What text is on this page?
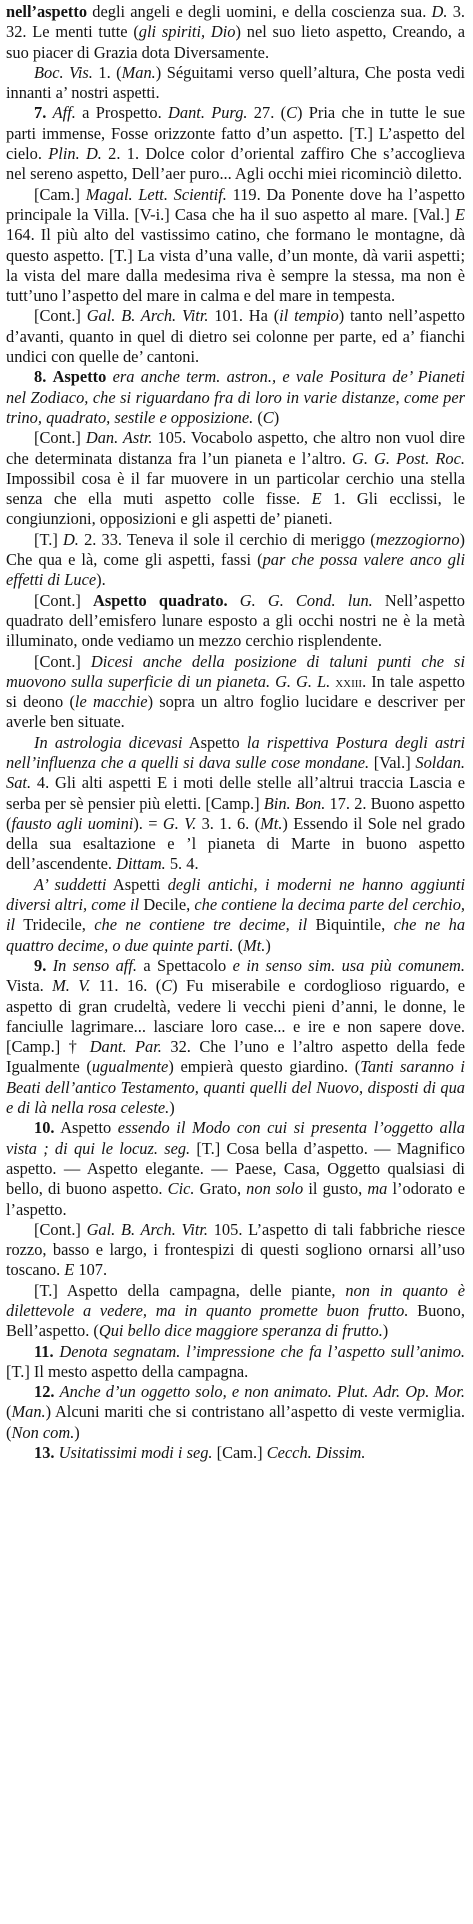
nell’aspetto degli angeli e degli uomini, e della coscienza sua. D. 3. 32. Le menti tutte (gli spiriti, Dio) nel suo lieto aspetto, Creando, a suo piacer di Grazia dota Diversamente.

Boc. Vis. 1. (Man.) Séguitami verso quell’altura, Che posta vedi innanti a’ nostri aspetti.

7. Aff. a Prospetto. Dant. Purg. 27. (C) Pria che in tutte le sue parti immense, Fosse orizzonte fatto d’un aspetto. [T.] L’aspetto del cielo. Plin. D. 2. 1. Dolce color d’oriental zaffiro Che s’accoglieva nel sereno aspetto, Dell’aer puro... Agli occhi miei ricominciò diletto.

[Cam.] Magal. Lett. Scientif. 119. Da Ponente dove ha l’aspetto principale la Villa. [V-i.] Casa che ha il suo aspetto al mare. [Val.] E 164. Il più alto del vastissimo catino, che formano le montagne, dà questo aspetto. [T.] La vista d’una valle, d’un monte, dà varii aspetti; la vista del mare dalla medesima riva è sempre la stessa, ma non è tutt’uno l’aspetto del mare in calma e del mare in tempesta.

[Cont.] Gal. B. Arch. Vitr. 101. Ha (il tempio) tanto nell’aspetto d’avanti, quanto in quel di dietro sei colonne per parte, ed a’ fianchi undici con quelle de’ cantoni.

8. Aspetto era anche term. astron., e vale Positura de’ Pianeti nel Zodiaco, che si riguardano fra di loro in varie distanze, come per trino, quadrato, sestile e opposizione. (C)

[Cont.] Dan. Astr. 105. Vocabolo aspetto, che altro non vuol dire che determinata distanza fra l’un pianeta e l’altro. G. G. Post. Roc. Impossibil cosa è il far muovere in un particolar cerchio una stella senza che ella muti aspetto colle fisse. E 1. Gli ecclissi, le congiunzioni, opposizioni e gli aspetti de’ pianeti.

[T.] D. 2. 33. Teneva il sole il cerchio di meriggo (mezzogiorno) Che qua e là, come gli aspetti, fassi (par che possa valere anco gli effetti di Luce).

[Cont.] Aspetto quadrato. G. G. Cond. lun. Nell’aspetto quadrato dell’emisfero lunare esposto a gli occhi nostri ne è la metà illuminato, onde vediamo un mezzo cerchio risplendente.

[Cont.] Dicesi anche della posizione di taluni punti che si muovono sulla superficie di un pianeta. G. G. L. xxiii. In tale aspetto si deono (le macchie) sopra un altro foglio lucidare e descriver per averle ben situate.

In astrologia dicevasi Aspetto la rispettiva Postura degli astri nell’influenza che a quelli si dava sulle cose mondane. [Val.] Soldan. Sat. 4. Gli alti aspetti E i moti delle stelle all’altrui traccia Lascia e serba per sè pensier più eletti. [Camp.] Bin. Bon. 17. 2. Buono aspetto (fausto agli uomini). = G. V. 3. 1. 6. (Mt.) Essendo il Sole nel grado della sua esaltazione e ’l pianeta di Marte in buono aspetto dell’ascendente. Dittam. 5. 4.

A’ suddetti Aspetti degli antichi, i moderni ne hanno aggiunti diversi altri, come il Decile, che contiene la decima parte del cerchio, il Tridecile, che ne contiene tre decime, il Biquintile, che ne ha quattro decime, o due quinte parti. (Mt.)

9. In senso aff. a Spettacolo e in senso sim. usa più comunem. Vista. M. V. 11. 16. (C) Fu miserabile e cordoglioso riguardo, e aspetto di gran crudeltà, vedere li vecchi pieni d’anni, le donne, le fanciulle lagrimare... lasciare loro case... e ire e non sapere dove. [Camp.] † Dant. Par. 32. Che l’uno e l’altro aspetto della fede Igualmente (ugualmente) empierà questo giardino. (Tanti saranno i Beati dell’antico Testamento, quanti quelli del Nuovo, disposti di qua e di là nella rosa celeste.)

10. Aspetto essendo il Modo con cui si presenta l’oggetto alla vista ; di qui le locuz. seg. [T.] Cosa bella d’aspetto. — Magnifico aspetto. — Aspetto elegante. — Paese, Casa, Oggetto qualsiasi di bello, di buono aspetto. Cic. Grato, non solo il gusto, ma l’odorato e l’aspetto.

[Cont.] Gal. B. Arch. Vitr. 105. L’aspetto di tali fabbriche riesce rozzo, basso e largo, i frontespizi di questi sogliono ornarsi all’uso toscano. E 107.

[T.] Aspetto della campagna, delle piante, non in quanto è dilettevole a vedere, ma in quanto promette buon frutto. Buono, Bell’aspetto. (Qui bello dice maggiore speranza di frutto.)

11. Denota segnatam. l’impressione che fa l’aspetto sull’animo. [T.] Il mesto aspetto della campagna.

12. Anche d’un oggetto solo, e non animato. Plut. Adr. Op. Mor. (Man.) Alcuni mariti che si contristano all’aspetto di veste vermiglia. (Non com.)

13. Usitatissimi modi i seg. [Cam.] Cecch. Dissim.
